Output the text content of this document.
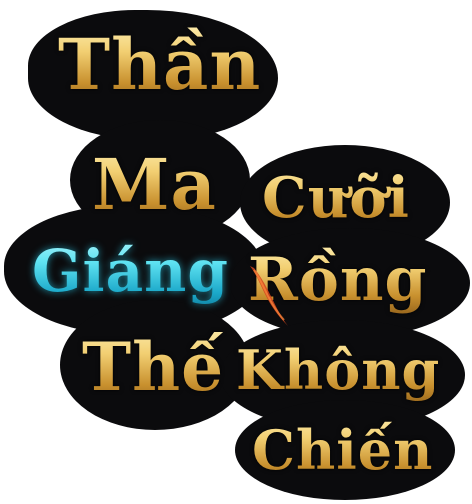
Thần
Ma
Giáng
Thế
Cưỡi
Rồng
Không
Chiến
